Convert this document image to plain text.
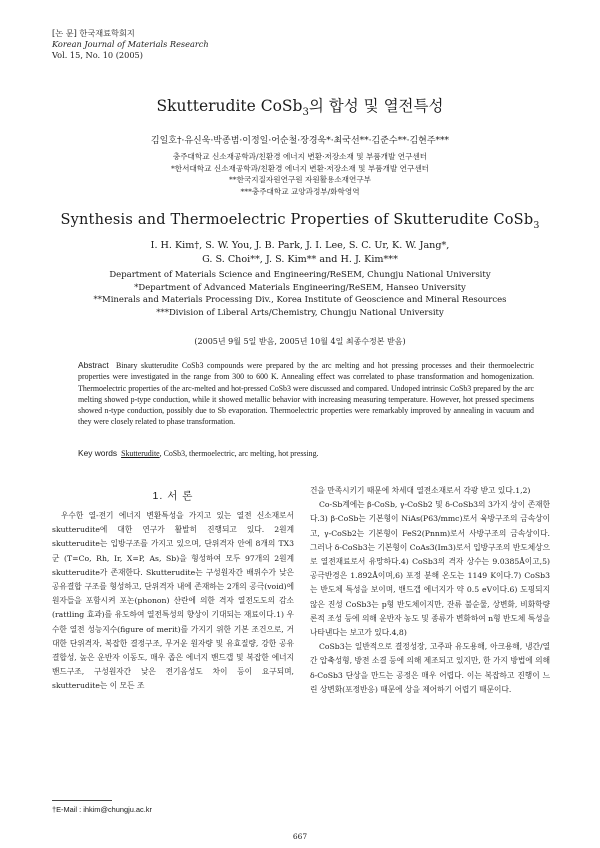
[논 문] 한국재료학회지
Korean Journal of Materials Research
Vol. 15, No. 10 (2005)
Skutterudite CoSb$_3$의 합성 및 열전특성
김일호†·유신욱·박종범·이정일·어순철·장경욱*·최국선**·김준수**·김현주***
충주대학교 신소재공학과/친환경 에너지 변환·저장소재 및 부품개발 연구센터
*한서대학교 신소재공학과/친환경 에너지 변환·저장소재 및 부품개발 연구센터
**한국지질자원연구원 자원활용소재연구부
***충주대학교 교양과정부/화학영역
Synthesis and Thermoelectric Properties of Skutterudite CoSb$_3$
I. H. Kim†, S. W. You, J. B. Park, J. I. Lee, S. C. Ur, K. W. Jang*,
G. S. Choi**, J. S. Kim** and H. J. Kim***
Department of Materials Science and Engineering/ReSEM, Chungju National University
*Department of Advanced Materials Engineering/ReSEM, Hanseo University
**Minerals and Materials Processing Div., Korea Institute of Geoscience and Mineral Resources
***Division of Liberal Arts/Chemistry, Chungju National University
(2005년 9월 5일 받음, 2005년 10월 4일 최종수정본 받음)
Abstract Binary skutterudite CoSb3 compounds were prepared by the arc melting and hot pressing processes and their thermoelectric properties were investigated in the range from 300 to 600 K. Annealing effect was correlated to phase transformation and homogenization. Thermoelectric properties of the arc-melted and hot-pressed CoSb3 were discussed and compared. Undoped intrinsic CoSb3 prepared by the arc melting showed p-type conduction, while it showed metallic behavior with increasing measuring temperature. However, hot pressed specimens showed n-type conduction, possibly due to Sb evaporation. Thermoelectric properties were remarkably improved by annealing in vacuum and they were closely related to phase transformation.
Key words Skutterudite, CoSb3, thermoelectric, arc melting, hot pressing.
1. 서 론
우수한 열-전기 에너지 변환특성을 가지고 있는 열전 신소재로서 skutterudite에 대한 연구가 활발히 진행되고 있다. 2원계 skutterudite는 입방구조를 가지고 있으며, 단위격자 안에 8개의 TX3군 (T=Co, Rh, Ir, X=P, As, Sb)을 형성하여 모두 97개의 2원계 skutterudite가 존재한다. Skutterudite는 구성원자간 배위수가 낮은 공유결합 구조를 형성하고, 단위격자 내에 존재하는 2개의 공극(void)에 원자들을 포함시켜 포논(phonon) 산란에 의한 격자 열전도도의 감소(rattling 효과)를 유도하여 열전특성의 향상이 기대되는 재료이다.1) 우수한 열전 성능지수(figure of merit)를 가지기 위한 기본 조건으로, 거대한 단위격자, 복잡한 결정구조, 무거운 원자량 및 유효질량, 강한 공유 결합성, 높은 운반자 이동도, 매우 좁은 에너지 밴드갭 및 복잡한 에너지 밴드구조, 구성원자간 낮은 전기음성도 차이 등이 요구되며, skutterudite는 이 모든 조

건을 만족시키기 때문에 차세대 열전소재로서 각광 받고 있다.1,2)

Co-Sb계에는 β-CoSb, γ-CoSb2 및 δ-CoSb3의 3가지 상이 존재한다.3) β-CoSb는 기본형이 NiAs(P63/mmc)로서 육방구조의 금속상이고, γ-CoSb2는 기본형이 FeS2(Pnnm)로서 사방구조의 금속상이다. 그러나 δ-CoSb3는 기본형이 CoAs3(Im3)로서 입방구조의 반도체상으로 열전재료로서 유망하다.4) CoSb3의 격자 상수는 9.0385Å이고,5) 공극반경은 1.892Å이며,6) 포정 분해 온도는 1149 K이다.7) CoSb3는 반도체 특성을 보이며, 밴드갭 에너지가 약 0.5 eV이다.6) 도핑되지 않은 진성 CoSb3는 p형 반도체이지만, 잔류 불순물, 상변화, 비화학량론적 조성 등에 의해 운반자 농도 및 종류가 변화하여 n형 반도체 특성을 나타낸다는 보고가 있다.4,8)

CoSb3는 일반적으로 결정성장, 고주파 유도용해, 아크용해, 냉간/열간 압축성형, 방전 소결 등에 의해 제조되고 있지만, 한 가지 방법에 의해 δ-CoSb3 단상을 만드는 공정은 매우 어렵다. 이는 복잡하고 진행이 느린 상변화(포정반응) 때문에 상을 제어하기 어렵기 때문이다.

†E-Mail : ihkim@chungju.ac.kr
667
